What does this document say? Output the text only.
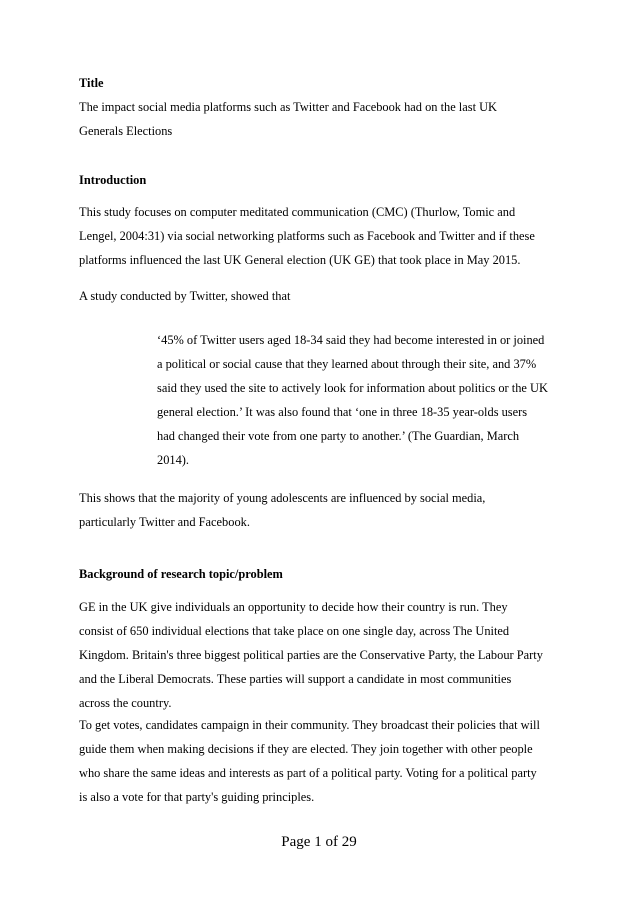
Title

The impact social media platforms such as Twitter and Facebook had on the last UK
Generals Elections

Introduction

This study focuses on computer meditated communication (CMC) (Thurlow, Tomic and
Lengel, 2004:31) via social networking platforms such as Facebook and Twitter and if these
platforms influenced the last UK General election (UK GE) that took place in May 2015.

A study conducted by Twitter, showed that

‘45% of Twitter users aged 18-34 said they had become interested in or joined
a political or social cause that they learned about through their site, and 37%
said they used the site to actively look for information about politics or the UK
general election.’ It was also found that ‘one in three 18-35 year-olds users
had changed their vote from one party to another.’ (The Guardian, March
2014).

This shows that the majority of young adolescents are influenced by social media,
particularly Twitter and Facebook.

Background of research topic/problem

GE in the UK give individuals an opportunity to decide how their country is run. They
consist of 650 individual elections that take place on one single day, across The United
Kingdom. Britain's three biggest political parties are the Conservative Party, the Labour Party
and the Liberal Democrats. These parties will support a candidate in most communities
across the country.

To get votes, candidates campaign in their community. They broadcast their policies that will
guide them when making decisions if they are elected. They join together with other people
who share the same ideas and interests as part of a political party. Voting for a political party
is also a vote for that party's guiding principles.

Page 1 of 29
